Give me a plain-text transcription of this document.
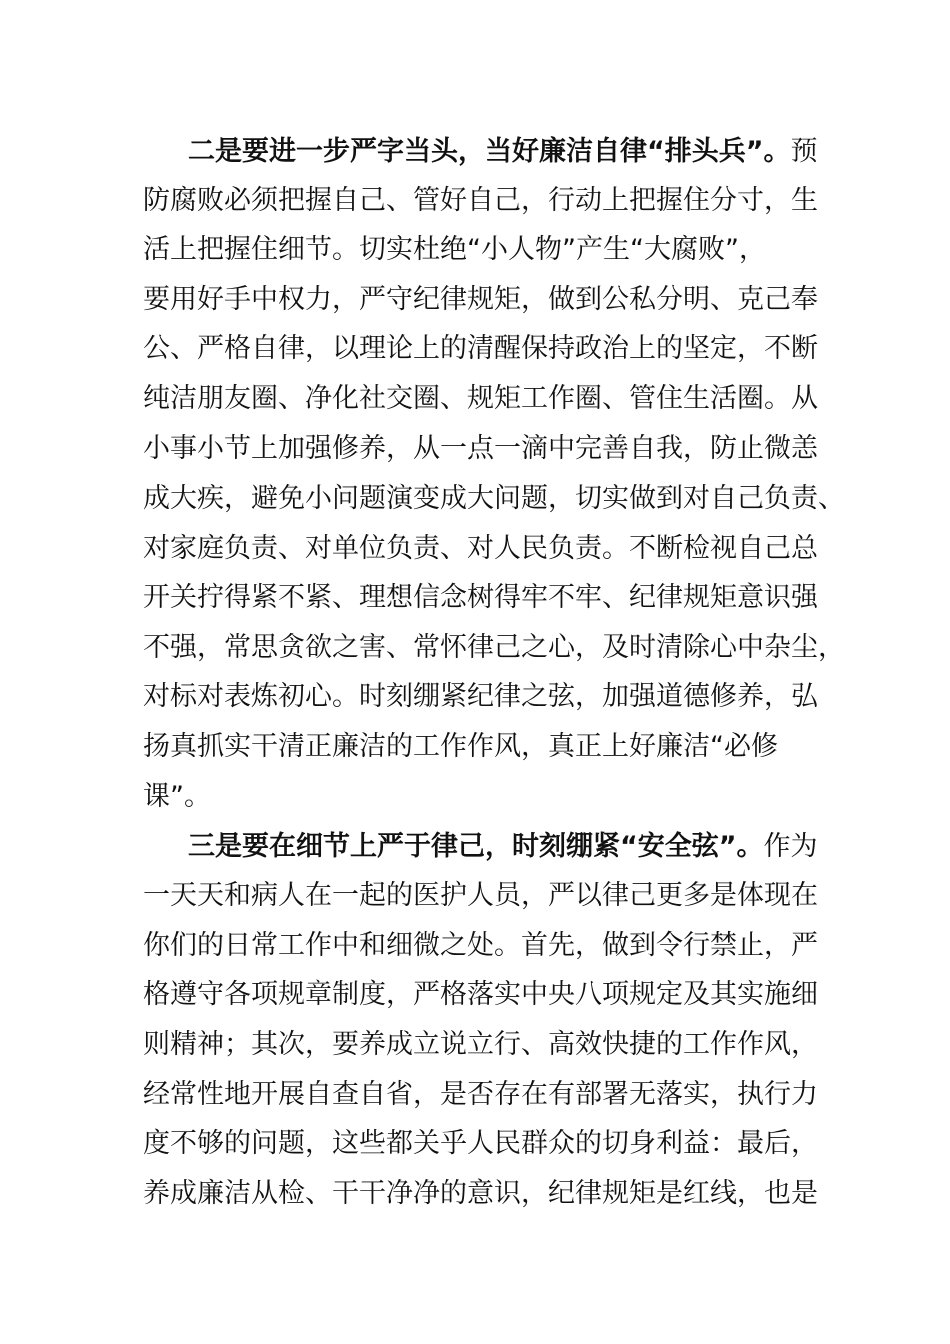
二是要进一步严字当头，当好廉洁自律“排头兵”。预
防腐败必须把握自己、管好自己，行动上把握住分寸，生
活上把握住细节。切实杜绝“小人物”产生“大腐败”，
要用好手中权力，严守纪律规矩，做到公私分明、克己奉
公、严格自律，以理论上的清醒保持政治上的坚定，不断
纯洁朋友圈、净化社交圈、规矩工作圈、管住生活圈。从
小事小节上加强修养，从一点一滴中完善自我，防止微恙
成大疾，避免小问题演变成大问题，切实做到对自己负责、
对家庭负责、对单位负责、对人民负责。不断检视自己总
开关拧得紧不紧、理想信念树得牢不牢、纪律规矩意识强
不强，常思贪欲之害、常怀律己之心，及时清除心中杂尘，
对标对表炼初心。时刻绷紧纪律之弦，加强道德修养，弘
扬真抓实干清正廉洁的工作作风，真正上好廉洁“必修
课”。
三是要在细节上严于律己，时刻绷紧“安全弦”。作为
一天天和病人在一起的医护人员，严以律己更多是体现在
你们的日常工作中和细微之处。首先，做到令行禁止，严
格遵守各项规章制度，严格落实中央八项规定及其实施细
则精神；其次，要养成立说立行、高效快捷的工作作风，
经常性地开展自查自省，是否存在有部署无落实，执行力
度不够的问题，这些都关乎人民群众的切身利益：最后，
养成廉洁从检、干干净净的意识，纪律规矩是红线，也是
